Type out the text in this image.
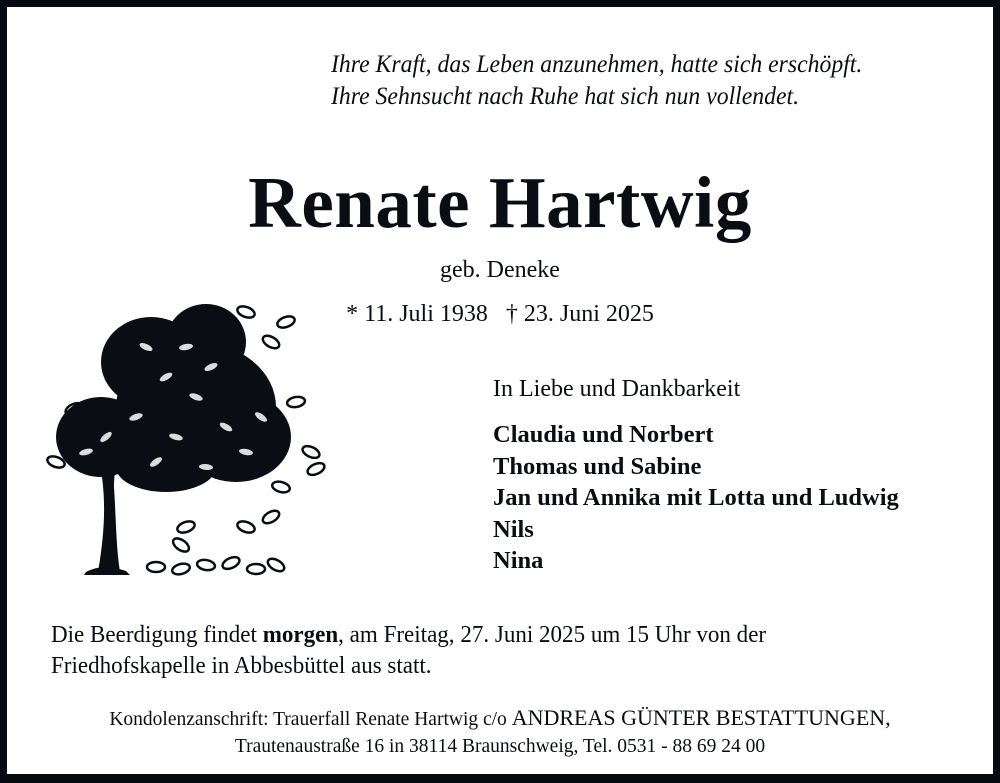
Ihre Kraft, das Leben anzunehmen, hatte sich erschöpft.
Ihre Sehnsucht nach Ruhe hat sich nun vollendet.
Renate Hartwig
geb. Deneke
* 11. Juli 1938 † 23. Juni 2025
In Liebe und Dankbarkeit
Claudia und Norbert
Thomas und Sabine
Jan und Annika mit Lotta und Ludwig
Nils
Nina
Die Beerdigung findet morgen, am Freitag, 27. Juni 2025 um 15 Uhr von der
Friedhofskapelle in Abbesbüttel aus statt.
Kondolenzanschrift: Trauerfall Renate Hartwig c/o ANDREAS GÜNTER BESTATTUNGEN,
Trautenaustraße 16 in 38114 Braunschweig, Tel. 0531 - 88 69 24 00
